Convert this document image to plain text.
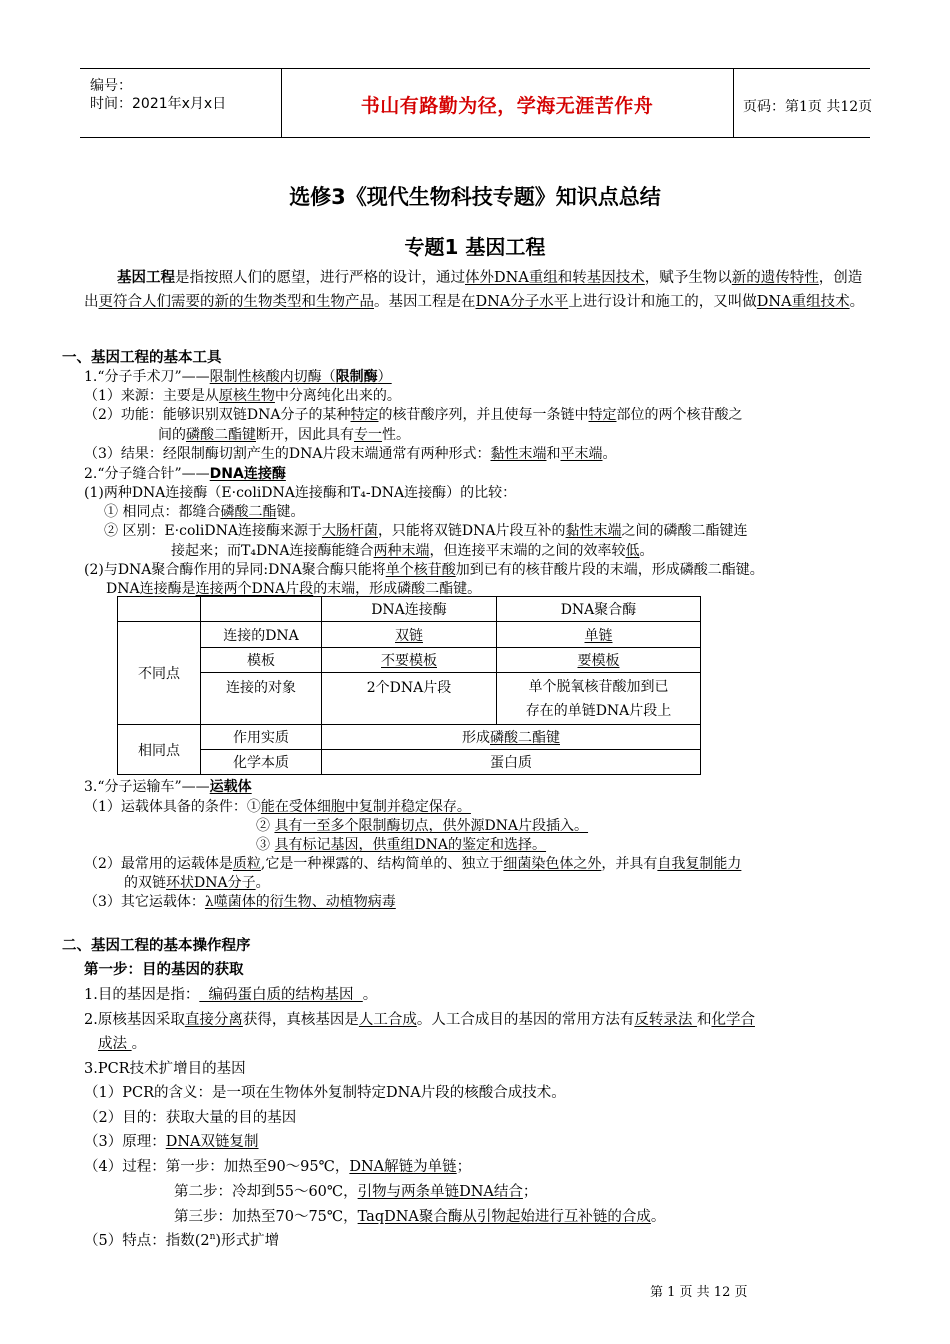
编号：
时间：2021年x月x日	书山有路勤为径，学海无涯苦作舟	页码：第1页 共12页
选修3《现代生物科技专题》知识点总结
专题1 基因工程
基因工程是指按照人们的愿望，进行严格的设计，通过体外DNA重组和转基因技术，赋予生物以新的遗传特性，创造出更符合人们需要的新的生物类型和生物产品。基因工程是在DNA分子水平上进行设计和施工的，又叫做DNA重组技术。
一、基因工程的基本工具
1.“分子手术刀”——限制性核酸内切酶（限制酶）
（1）来源：主要是从原核生物中分离纯化出来的。
（2）功能：能够识别双链DNA分子的某种特定的核苷酸序列，并且使每一条链中特定部位的两个核苷酸之
间的磷酸二酯键断开，因此具有专一性。
（3）结果：经限制酶切割产生的DNA片段末端通常有两种形式：黏性末端和平末端。
2.“分子缝合针”——DNA连接酶
(1)两种DNA连接酶（E·coliDNA连接酶和T₄-DNA连接酶）的比较：
① 相同点：都缝合磷酸二酯键。
② 区别：E·coliDNA连接酶来源于大肠杆菌，只能将双链DNA片段互补的黏性末端之间的磷酸二酯键连
接起来；而T₄DNA连接酶能缝合两种末端，但连接平末端的之间的效率较低。
(2)与DNA聚合酶作用的异同:DNA聚合酶只能将单个核苷酸加到已有的核苷酸片段的末端，形成磷酸二酯键。
DNA连接酶是连接两个DNA片段的末端，形成磷酸二酯键。
		DNA连接酶	DNA聚合酶
不同点	连接的DNA	双链	单链
	模板	不要模板	要模板
	连接的对象	2个DNA片段	单个脱氧核苷酸加到已
存在的单链DNA片段上

相同点	作用实质	形成磷酸二酯键	
	化学本质	蛋白质	
3.“分子运输车”——运载体
（1）运载体具备的条件：①能在受体细胞中复制并稳定保存。
② 具有一至多个限制酶切点，供外源DNA片段插入。
③ 具有标记基因，供重组DNA的鉴定和选择。
（2）最常用的运载体是质粒,它是一种裸露的、结构简单的、独立于细菌染色体之外，并具有自我复制能力
的双链环状DNA分子。
（3）其它运载体：λ噬菌体的衍生物、动植物病毒
二、基因工程的基本操作程序
第一步：目的基因的获取
1.目的基因是指：  编码蛋白质的结构基因  。
2.原核基因采取直接分离获得，真核基因是人工合成。人工合成目的基因的常用方法有反转录法 和化学合
成法 。
3.PCR技术扩增目的基因
（1）PCR的含义：是一项在生物体外复制特定DNA片段的核酸合成技术。
（2）目的：获取大量的目的基因
（3）原理：DNA双链复制
（4）过程：第一步：加热至90～95℃，DNA解链为单链；
第二步：冷却到55～60℃，引物与两条单链DNA结合；
第三步：加热至70～75℃，TaqDNA聚合酶从引物起始进行互补链的合成。
（5）特点：指数(2$^n$)形式扩增
第 1 页 共 12 页
